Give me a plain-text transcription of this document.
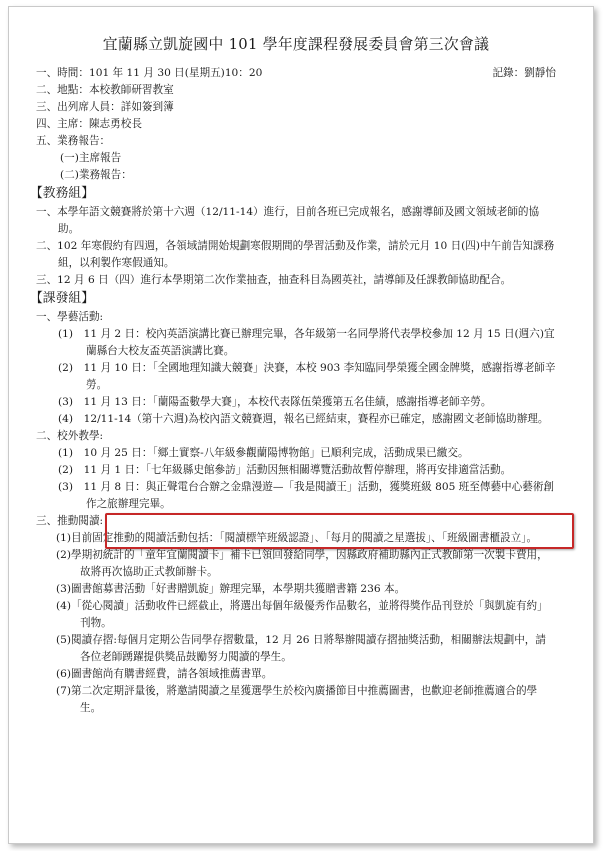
宜蘭縣立凱旋國中 101 學年度課程發展委員會第三次會議
一、時間：101 年 11 月 30 日(星期五)10：20	記錄：劉靜怡
二、地點：本校教師研習教室
三、出列席人員：詳如簽到簿
四、主席：陳志勇校長
五、業務報告：
(一)主席報告
(二)業務報告：
【教務組】
一、本學年語文競賽將於第十六週（12/11-14）進行，目前各班已完成報名，感謝導師及國文領域老師的協助。
二、102 年寒假約有四週，各領域請開始規劃寒假期間的學習活動及作業，請於元月 10 日(四)中午前告知課務組，以利製作寒假通知。
三、12 月 6 日（四）進行本學期第二次作業抽查，抽查科目為國英社，請導師及任課教師協助配合。
【課發組】
一、學藝活動:
(1)　11 月 2 日：校內英語演講比賽已辦理完畢，各年級第一名同學將代表學校參加 12 月 15 日(週六)宜蘭縣台大校友盃英語演講比賽。
(2)　11 月 10 日：「全國地理知識大競賽」決賽，本校 903 李知臨同學榮獲全國金牌獎，感謝指導老師辛勞。
(3)　11 月 13 日：「蘭陽盃數學大賽」，本校代表隊伍榮獲第五名佳績，感謝指導老師辛勞。
(4)　12/11-14（第十六週)為校內語文競賽週，報名已經結束，賽程亦已確定，感謝國文老師協助辦理。
二、校外教學:
(1)　10 月 25 日：「鄉土實察-八年級參觀蘭陽博物館」已順利完成，活動成果已繳交。
(2)　11 月 1 日：「七年級縣史館參訪」活動因無相關導覽活動故暫停辦理，將再安排適當活動。
(3)　11 月 8 日：與正聲電台合辦之金鼎漫遊—「我是閱讀王」活動，獲獎班級 805 班至傳藝中心藝術創作之旅辦理完畢。
三、推動閱讀:
(1)目前固定推動的閱讀活動包括：「閱讀標竿班級認證」、「每月的閱讀之星選拔」、「班級圖書櫃設立」。
(2)學期初統計的「童年宜蘭閱讀卡」補卡已領回發給同學，因縣政府補助縣內正式教師第一次製卡費用，故將再次協助正式教師辦卡。
(3)圖書館募書活動「好書贈凱旋」辦理完畢，本學期共獲贈書籍 236 本。
(4)「從心閱讀」活動收件已經截止，將選出每個年級優秀作品數名，並將得獎作品刊登於「與凱旋有約」刊物。
(5)閱讀存摺:每個月定期公告同學存摺數量，12 月 26 日將舉辦閱讀存摺抽獎活動，相關辦法規劃中，請各位老師踴躍提供獎品鼓勵努力閱讀的學生。
(6)圖書館尚有購書經費，請各領域推薦書單。
(7)第二次定期評量後，將邀請閱讀之星獲選學生於校內廣播節目中推薦圖書，也歡迎老師推薦適合的學生。
